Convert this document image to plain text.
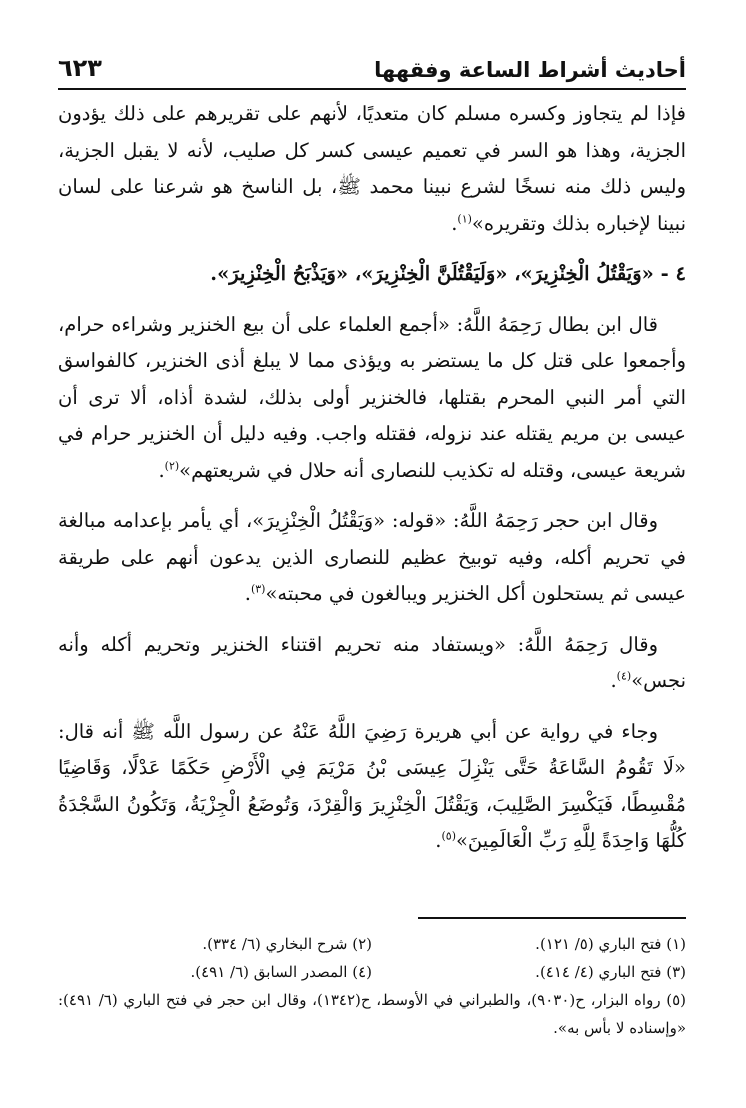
أحاديث أشراط الساعة وفقهها
٦٢٣

فإذا لم يتجاوز وكسره مسلم كان متعديًا، لأنهم على تقريرهم على ذلك يؤدون الجزية، وهذا هو السر في تعميم عيسى كسر كل صليب، لأنه لا يقبل الجزية، وليس ذلك منه نسخًا لشرع نبينا محمد ﷺ، بل الناسخ هو شرعنا على لسان نبينا لإخباره بذلك وتقريره»$^{(١)}$.

٤ - «وَيَقْتُلُ الْخِنْزِيرَ»، «وَلَيَقْتُلَنَّ الْخِنْزِيرَ»، «وَيَذْبَحُ الْخِنْزِيرَ».

قال ابن بطال رَحِمَهُ اللَّهُ: «أجمع العلماء على أن بيع الخنزير وشراءه حرام، وأجمعوا على قتل كل ما يستضر به ويؤذى مما لا يبلغ أذى الخنزير، كالفواسق التي أمر النبي المحرم بقتلها، فالخنزير أولى بذلك، لشدة أذاه، ألا ترى أن عيسى بن مريم يقتله عند نزوله، فقتله واجب. وفيه دليل أن الخنزير حرام في شريعة عيسى، وقتله له تكذيب للنصارى أنه حلال في شريعتهم»$^{(٢)}$.

وقال ابن حجر رَحِمَهُ اللَّهُ: «قوله: «وَيَقْتُلُ الْخِنْزِيرَ»، أي يأمر بإعدامه مبالغة في تحريم أكله، وفيه توبيخ عظيم للنصارى الذين يدعون أنهم على طريقة عيسى ثم يستحلون أكل الخنزير ويبالغون في محبته»$^{(٣)}$.

وقال رَحِمَهُ اللَّهُ: «ويستفاد منه تحريم اقتناء الخنزير وتحريم أكله وأنه نجس»$^{(٤)}$.

وجاء في رواية عن أبي هريرة رَضِيَ اللَّهُ عَنْهُ عن رسول اللَّه ﷺ أنه قال: «لَا تَقُومُ السَّاعَةُ حَتَّى يَنْزِلَ عِيسَى بْنُ مَرْيَمَ فِي الْأَرْضِ حَكَمًا عَدْلًا، وَقَاضِيًا مُقْسِطًا، فَيَكْسِرَ الصَّلِيبَ، وَيَقْتُلَ الْخِنْزِيرَ وَالْقِرْدَ، وَتُوضَعُ الْجِزْيَةُ، وَتَكُونُ السَّجْدَةُ كُلُّهَا وَاحِدَةً لِلَّهِ رَبِّ الْعَالَمِينَ»$^{(٥)}$.

(١) فتح الباري (٥/ ١٢١).
(٢) شرح البخاري (٦/ ٣٣٤).
(٣) فتح الباري (٤/ ٤١٤).
(٤) المصدر السابق (٦/ ٤٩١).
(٥) رواه البزار، ح(٩٠٣٠)، والطبراني في الأوسط، ح(١٣٤٢)، وقال ابن حجر في فتح الباري (٦/ ٤٩١): «وإسناده لا بأس به».
